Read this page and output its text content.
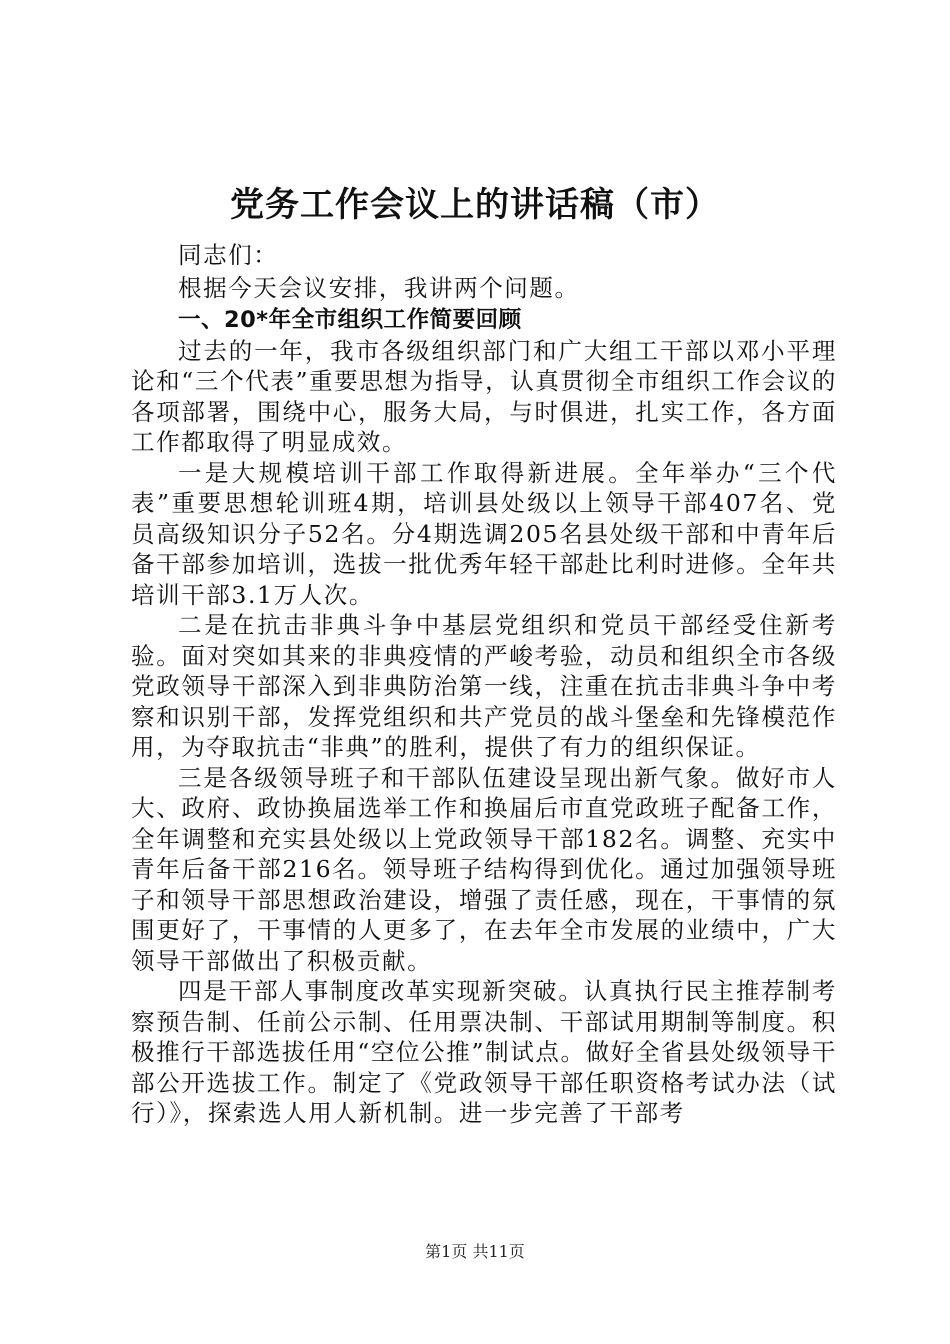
党务工作会议上的讲话稿（市）

同志们：

根据今天会议安排，我讲两个问题。

一、20*年全市组织工作简要回顾

过去的一年，我市各级组织部门和广大组工干部以邓小平理论和“三个代表”重要思想为指导，认真贯彻全市组织工作会议的各项部署，围绕中心，服务大局，与时俱进，扎实工作，各方面工作都取得了明显成效。

一是大规模培训干部工作取得新进展。全年举办“三个代表”重要思想轮训班4期，培训县处级以上领导干部407名、党员高级知识分子52名。分4期选调205名县处级干部和中青年后备干部参加培训，选拔一批优秀年轻干部赴比利时进修。全年共培训干部3.1万人次。

二是在抗击非典斗争中基层党组织和党员干部经受住新考验。面对突如其来的非典疫情的严峻考验，动员和组织全市各级党政领导干部深入到非典防治第一线，注重在抗击非典斗争中考察和识别干部，发挥党组织和共产党员的战斗堡垒和先锋模范作用，为夺取抗击“非典”的胜利，提供了有力的组织保证。

三是各级领导班子和干部队伍建设呈现出新气象。做好市人大、政府、政协换届选举工作和换届后市直党政班子配备工作，全年调整和充实县处级以上党政领导干部182名。调整、充实中青年后备干部216名。领导班子结构得到优化。通过加强领导班子和领导干部思想政治建设，增强了责任感，现在，干事情的氛围更好了，干事情的人更多了，在去年全市发展的业绩中，广大领导干部做出了积极贡献。

四是干部人事制度改革实现新突破。认真执行民主推荐制考察预告制、任前公示制、任用票决制、干部试用期制等制度。积极推行干部选拔任用“空位公推”制试点。做好全省县处级领导干部公开选拔工作。制定了《党政领导干部任职资格考试办法（试行）》，探索选人用人新机制。进一步完善了干部考

第1页 共11页
